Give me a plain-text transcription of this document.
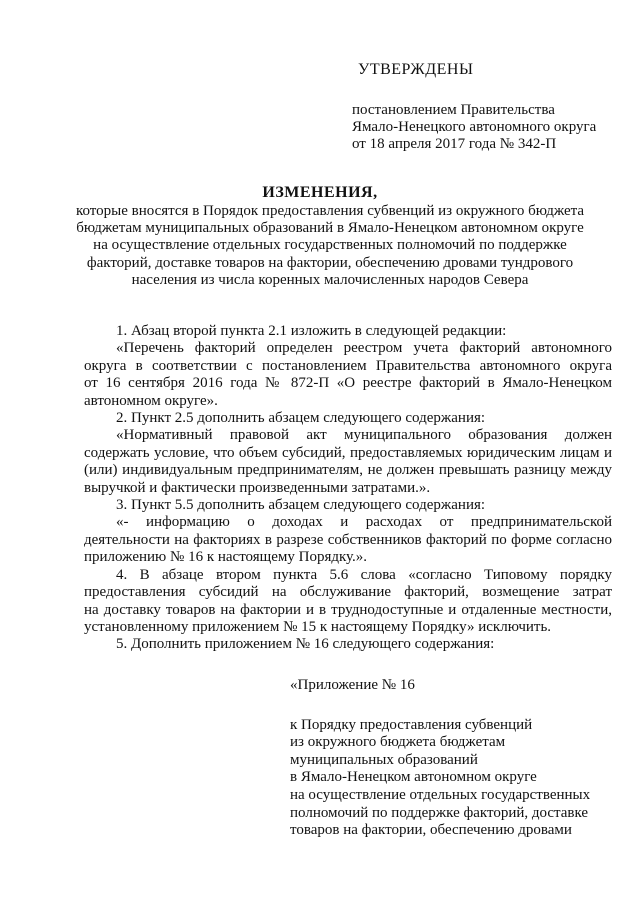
УТВЕРЖДЕНЫ
постановлением Правительства
Ямало-Ненецкого автономного округа
от 18 апреля 2017 года № 342-П
ИЗМЕНЕНИЯ,
которые вносятся в Порядок предоставления субвенций из окружного бюджета
бюджетам муниципальных образований в Ямало-Ненецком автономном округе
на осуществление отдельных государственных полномочий по поддержке
факторий, доставке товаров на фактории, обеспечению дровами тундрового
населения из числа коренных малочисленных народов Севера
1. Абзац второй пункта 2.1 изложить в следующей редакции:
«Перечень факторий определен реестром учета факторий автономного
округа в соответствии с постановлением Правительства автономного округа
от 16 сентября 2016 года № 872-П «О реестре факторий в Ямало-Ненецком
автономном округе».
2. Пункт 2.5 дополнить абзацем следующего содержания:
«Нормативный правовой акт муниципального образования должен
содержать условие, что объем субсидий, предоставляемых юридическим лицам и
(или) индивидуальным предпринимателям, не должен превышать разницу между
выручкой и фактически произведенными затратами.».
3. Пункт 5.5 дополнить абзацем следующего содержания:
«- информацию о доходах и расходах от предпринимательской
деятельности на факториях в разрезе собственников факторий по форме согласно
приложению № 16 к настоящему Порядку.».
4. В абзаце втором пункта 5.6 слова «согласно Типовому порядку
предоставления субсидий на обслуживание факторий, возмещение затрат
на доставку товаров на фактории и в труднодоступные и отдаленные местности,
установленному приложением № 15 к настоящему Порядку» исключить.
5. Дополнить приложением № 16 следующего содержания:
«Приложение № 16
к Порядку предоставления субвенций
из окружного бюджета бюджетам
муниципальных образований
в Ямало-Ненецком автономном округе
на осуществление отдельных государственных
полномочий по поддержке факторий, доставке
товаров на фактории, обеспечению дровами
